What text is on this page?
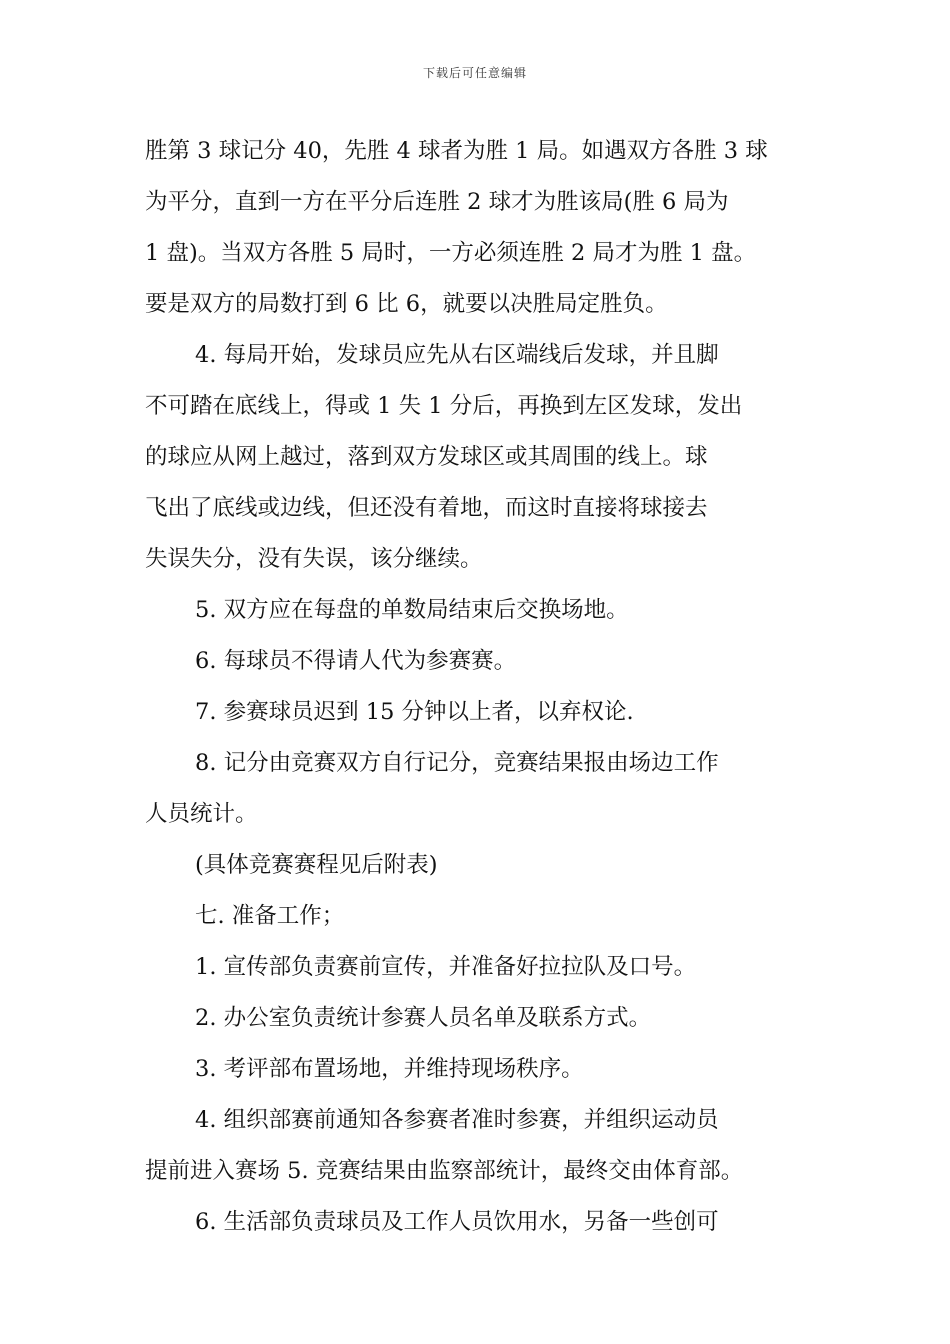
下载后可任意编辑
胜第 3 球记分 40，先胜 4 球者为胜 1 局。如遇双方各胜 3 球
为平分，直到一方在平分后连胜 2 球才为胜该局(胜 6 局为
1 盘)。当双方各胜 5 局时，一方必须连胜 2 局才为胜 1 盘。
要是双方的局数打到 6 比 6，就要以决胜局定胜负。
4. 每局开始，发球员应先从右区端线后发球，并且脚
不可踏在底线上，得或 1 失 1 分后，再换到左区发球，发出
的球应从网上越过，落到双方发球区或其周围的线上。球
飞出了底线或边线，但还没有着地，而这时直接将球接去
失误失分，没有失误，该分继续。
5. 双方应在每盘的单数局结束后交换场地。
6. 每球员不得请人代为参赛赛。
7. 参赛球员迟到 15 分钟以上者，以弃权论.
8. 记分由竞赛双方自行记分，竞赛结果报由场边工作
人员统计。
(具体竞赛赛程见后附表)
七. 准备工作；
1. 宣传部负责赛前宣传，并准备好拉拉队及口号。
2. 办公室负责统计参赛人员名单及联系方式。
3. 考评部布置场地，并维持现场秩序。
4. 组织部赛前通知各参赛者准时参赛，并组织运动员
提前进入赛场 5. 竞赛结果由监察部统计，最终交由体育部。
6. 生活部负责球员及工作人员饮用水，另备一些创可
